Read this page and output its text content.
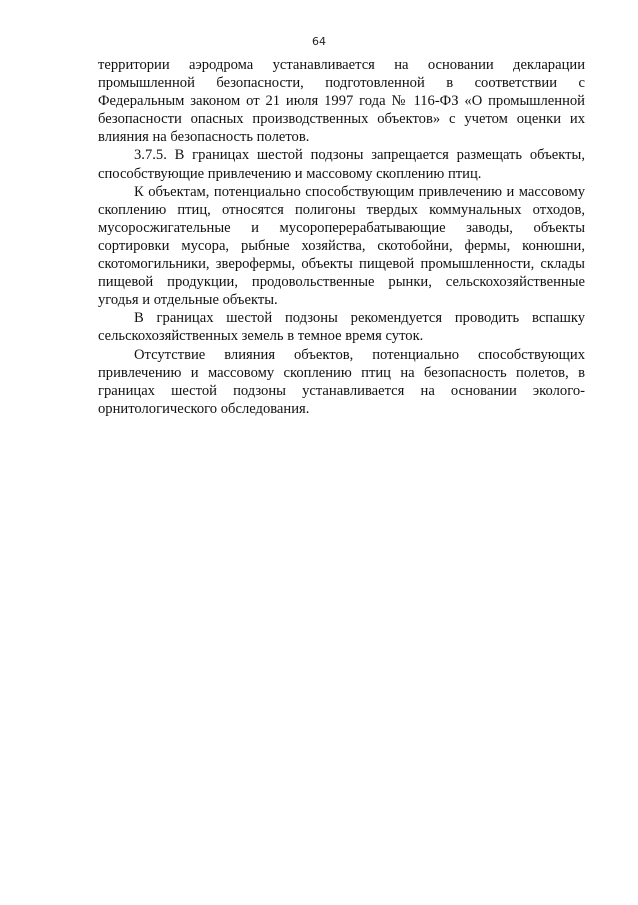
64

территории аэродрома устанавливается на основании декларации промышленной безопасности, подготовленной в соответствии с Федеральным законом от 21 июля 1997 года № 116-ФЗ «О промышленной безопасности опасных производственных объектов» с учетом оценки их влияния на безопасность полетов.

3.7.5. В границах шестой подзоны запрещается размещать объекты, способствующие привлечению и массовому скоплению птиц.

К объектам, потенциально способствующим привлечению и массовому скоплению птиц, относятся полигоны твердых коммунальных отходов, мусоросжигательные и мусороперерабатывающие заводы, объекты сортировки мусора, рыбные хозяйства, скотобойни, фермы, конюшни, скотомогильники, зверофермы, объекты пищевой промышленности, склады пищевой продукции, продовольственные рынки, сельскохозяйственные угодья и отдельные объекты.

В границах шестой подзоны рекомендуется проводить вспашку сельскохозяйственных земель в темное время суток.

Отсутствие влияния объектов, потенциально способствующих привлечению и массовому скоплению птиц на безопасность полетов, в границах шестой подзоны устанавливается на основании эколого-орнитологического обследования.
